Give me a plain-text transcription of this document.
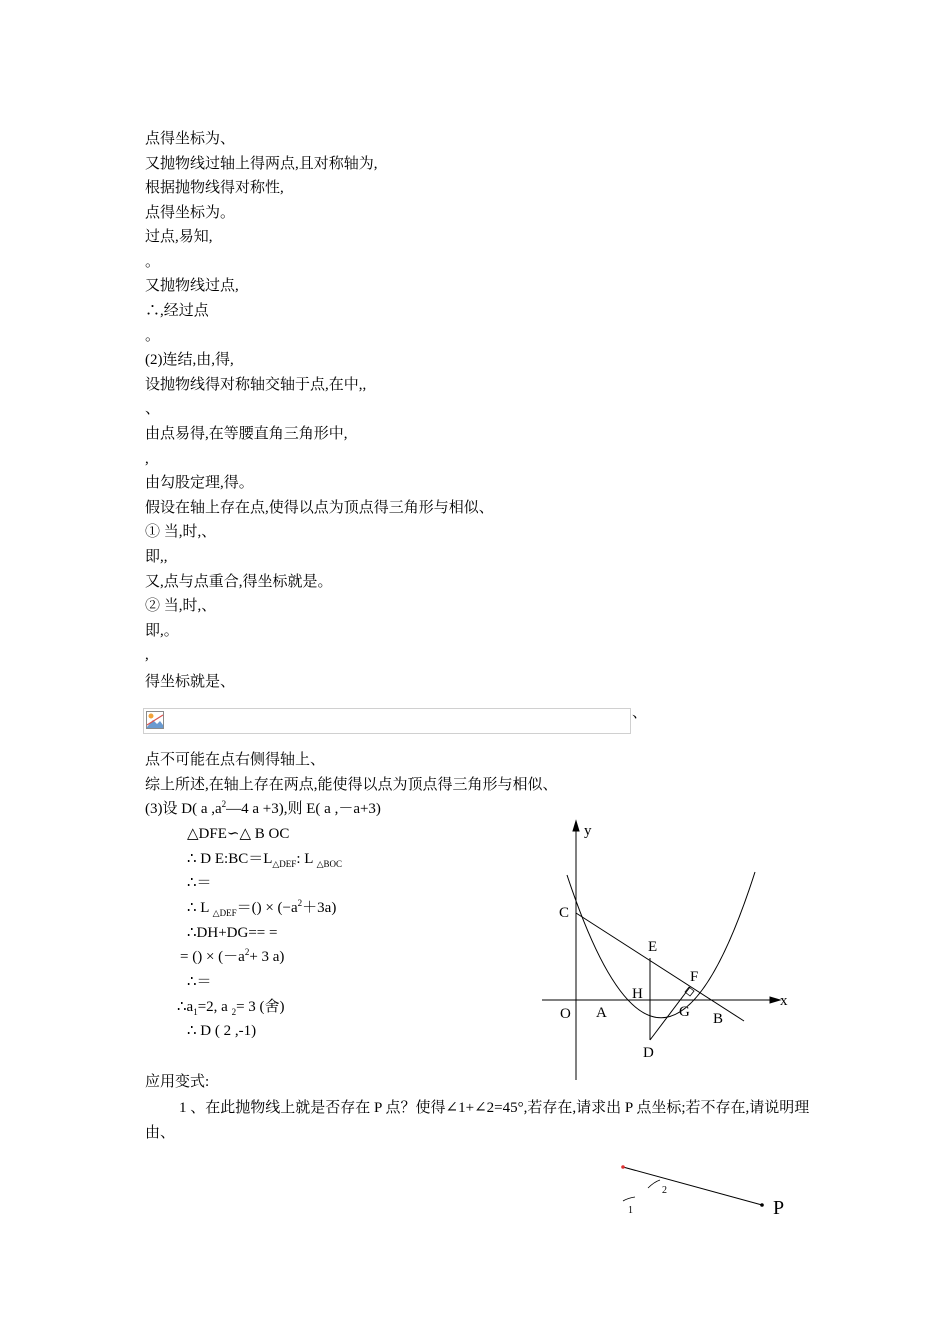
点得坐标为、
又抛物线过轴上得两点,且对称轴为,
根据抛物线得对称性,
点得坐标为。
过点,易知,
。
又抛物线过点,
∴,经过点
。
(2)连结,由,得,
设抛物线得对称轴交轴于点,在中,,
、
由点易得,在等腰直角三角形中,
,
由勾股定理,得。
假设在轴上存在点,使得以点为顶点得三角形与相似、
① 当,时,、
即,,
又,点与点重合,得坐标就是。
② 当,时,、
即,。
,
得坐标就是、
、
点不可能在点右侧得轴上、
综上所述,在轴上存在两点,能使得以点为顶点得三角形与相似、
(3)设 D( a $,a^2—4$ a +3),则 E( a ,－a+3)
△DFE∽△ B OC
∴ D $E:BC=L_{\triangle DEF}$: L $_{\triangle BOC}$
∴＝
∴ L $_{\triangle DEF}=() \times (-a^2+3a)$
∴DH+DG== =
= () × ($-a^2+ 3$ a)
∴＝
$\therefore a_1=2$, a $_2$= 3 (舍)
∴ D ( 2 ,-1)
y
x
C
E
F
H
O A	G B
D
应用变式:
1 、在此抛物线上就是否存在 P 点？使得∠1+∠2=45°,若存在,请求出 P 点坐标;若不存在,请说明理由、
2
1	P
